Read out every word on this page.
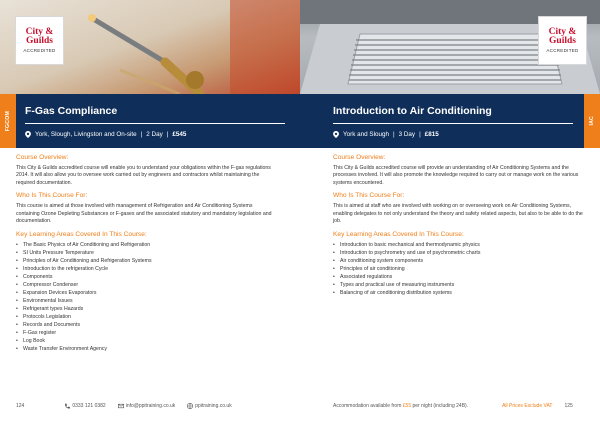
City &
Guilds
ACCREDITED
F-Gas Compliance
York, Slough, Livingston and On-site | 2 Day | £545
FGCOM
Course Overview:

This City & Guilds accredited course will enable you to understand your obligations within the F-gas regulations 2014. It will also allow you to oversee work carried out by engineers and contractors whilst maintaining the required documentation.

Who Is This Course For:

This course is aimed at those involved with management of Refrigeration and Air Conditioning Systems containing Ozone Depleting Substances or F-gases and the associated statutory and mandatory legislation and documentation.

Key Learning Areas Covered In This Course:
• The Basic Physics of Air Conditioning and Refrigeration
• SI Units Pressure Temperature
• Principles of Air Conditioning and Refrigeration Systems
• Introduction to the refrigeration Cycle
• Components
• Compressor Condenser
• Expansion Devices Evaporators
• Environmental Issues
• Refrigerant types Hazards
• Protocols Legislation
• Records and Documents
• F-Gas register
• Log Book
• Waste Transfer Environment Agency
124	0333 121 0382	info@ppitraining.co.uk	ppitraining.co.uk
City &
Guilds
ACCREDITED
Introduction to Air Conditioning
York and Slough | 3 Day | £815
IAC
Course Overview:

This City & Guilds accredited course will provide an understanding of Air Conditioning Systems and the processes involved. It will also promote the knowledge required to carry out or manage work on the various systems encountered.

Who Is This Course For:

This is aimed at staff who are involved with working on or overseeing work on Air Conditioning Systems, enabling delegates to not only understand the theory and safety related aspects, but also to be able to do the job.

Key Learning Areas Covered In This Course:
• Introduction to basic mechanical and thermodynamic physics
• Introduction to psychrometry and use of psychrometric charts
• Air conditioning system components
• Principles of air conditioning
• Associated regulations
• Types and practical use of measuring instruments
• Balancing of air conditioning distribution systems
Accommodation available from £55 per night (including 24B).	All Prices Exclude VAT 125
